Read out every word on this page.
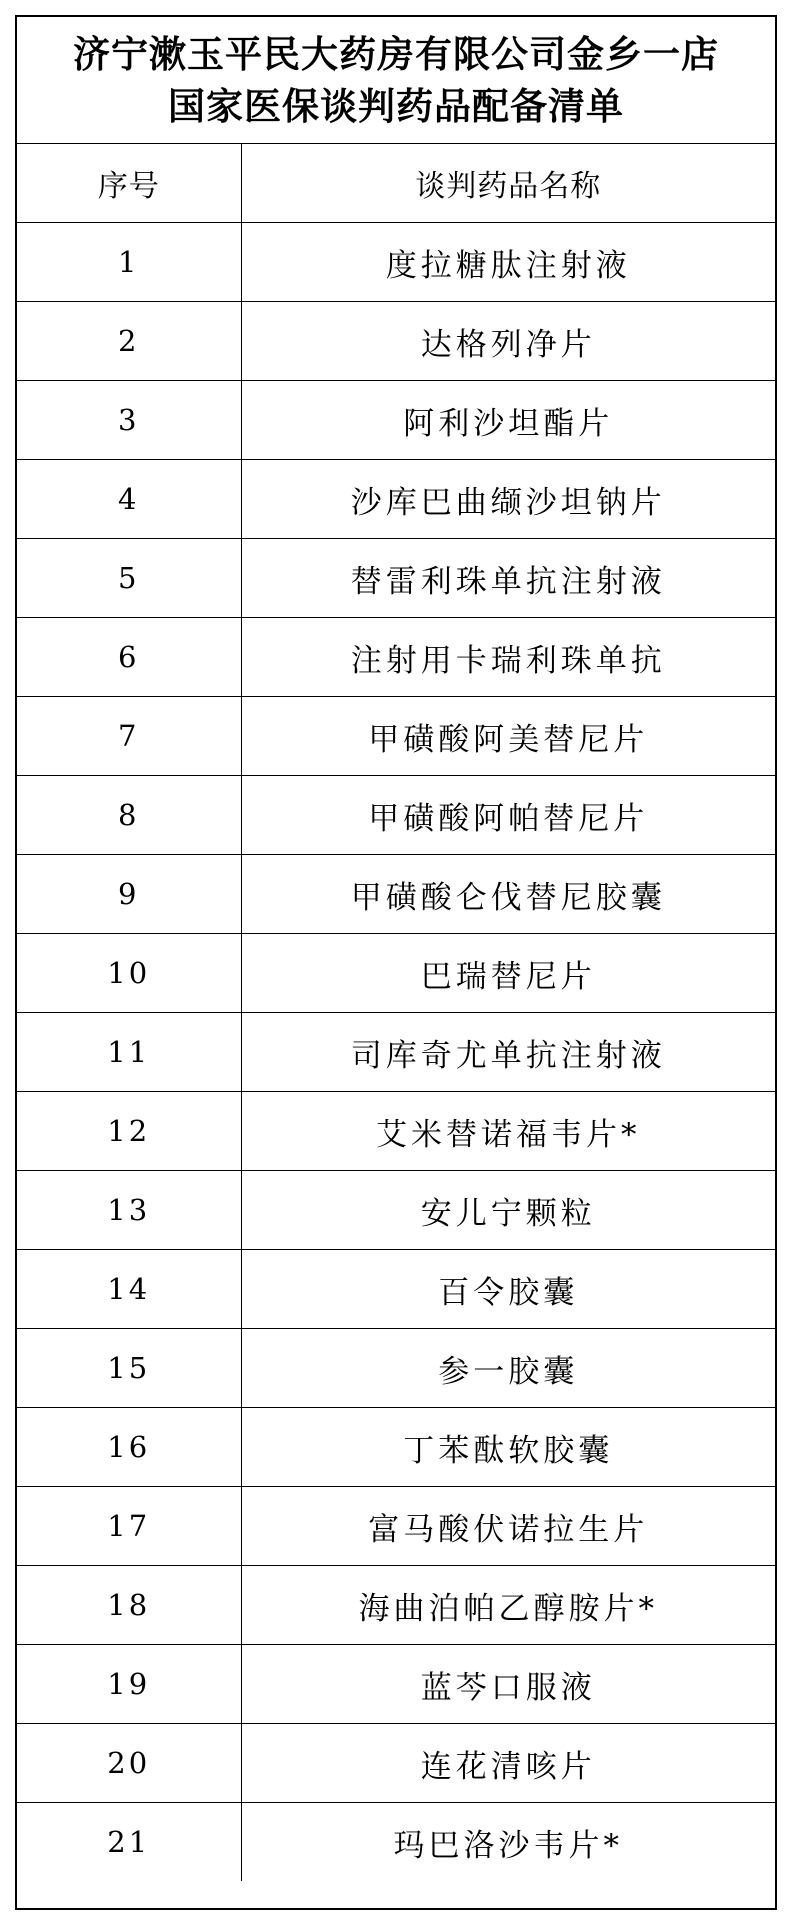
济宁漱玉平民大药房有限公司金乡一店
国家医保谈判药品配备清单
序号	谈判药品名称
1	度拉糖肽注射液
2	达格列净片
3	阿利沙坦酯片
4	沙库巴曲缬沙坦钠片
5	替雷利珠单抗注射液
6	注射用卡瑞利珠单抗
7	甲磺酸阿美替尼片
8	甲磺酸阿帕替尼片
9	甲磺酸仑伐替尼胶囊
10	巴瑞替尼片
11	司库奇尤单抗注射液
12	艾米替诺福韦片*
13	安儿宁颗粒
14	百令胶囊
15	参一胶囊
16	丁苯酞软胶囊
17	富马酸伏诺拉生片
18	海曲泊帕乙醇胺片*
19	蓝芩口服液
20	连花清咳片
21	玛巴洛沙韦片*
